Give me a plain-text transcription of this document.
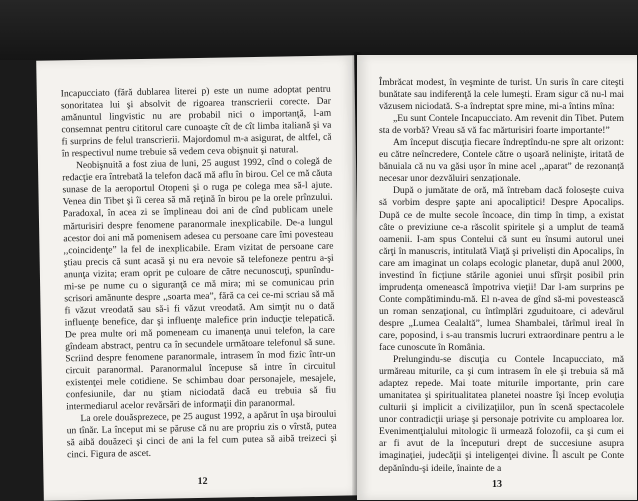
Incapucciato (fără dublarea literei p) este un nume adoptat pentru sonoritatea lui şi absolvit de rigoarea transcrierii corecte. Dar amănuntul lingvistic nu are probabil nici o importanţă, l-am consemnat pentru cititorul care cunoaşte cît de cît limba italiană şi va fi surprins de felul transcrierii. Majordomul m-a asigurat, de altfel, că în respectivul nume trebuie să vedem ceva obişnuit şi natural.

Neobişnuită a fost ziua de luni, 25 august 1992, cînd o colegă de redacţie era întrebată la telefon dacă mă aflu în birou. Cel ce mă căuta sunase de la aeroportul Otopeni şi o ruga pe colega mea să-l ajute. Venea din Tibet şi îi cerea să mă reţină în birou pe la orele prînzului. Paradoxal, în acea zi se împlineau doi ani de cînd publicam unele mărturisiri despre fenomene paranormale inexplicabile. De-a lungul acestor doi ani mă pomenisem adesea cu persoane care îmi povesteau ,,coincidenţe” la fel de inexplicabile. Eram vizitat de persoane care ştiau precis că sunt acasă şi nu era nevoie să telefoneze pentru a-şi anunţa vizita; eram oprit pe culoare de către necunoscuţi, spunîndu-mi-se pe nume cu o siguranţă ce mă mira; mi se comunicau prin scrisori amănunte despre ,,soarta mea”, fără ca cei ce-mi scriau să mă fi văzut vreodată sau să-i fi văzut vreodată. Am simţit nu o dată influenţe benefice, dar şi influenţe malefice prin inducţie telepatică. De prea multe ori mă pomeneam cu imanenţa unui telefon, la care gîndeam abstract, pentru ca în secundele următoare telefonul să sune. Scriind despre fenomene paranormale, intrasem în mod fizic într-un circuit paranormal. Paranormalul începuse să intre în circuitul existenţei mele cotidiene. Se schimbau doar personajele, mesajele, confesiunile, dar nu ştiam niciodată dacă eu trebuia să fiu intermediarul acelor revărsări de informaţii din paranormal.

La orele douăsprezece, pe 25 august 1992, a apărut în uşa biroului un tînăr. La început mi se păruse că nu are propriu zis o vîrstă, putea să aibă douăzeci şi cinci de ani la fel cum putea să aibă treizeci şi cinci. Figura de ascet.

12

Îmbrăcat modest, în veşminte de turist. Un suris în care citeşti bunătate sau indiferenţă la cele lumeşti. Eram sigur că nu-l mai văzusem niciodată. S-a îndreptat spre mine, mi-a întins mîna:

„Eu sunt Contele Incapucciato. Am revenit din Tibet. Putem sta de vorbă? Vreau să vă fac mărturisiri foarte importante!”

Am început discuţia fiecare îndreptîndu-ne spre alt orizont: eu către neîncredere, Contele către o uşoară nelinişte, iritată de bănuiala că nu va găsi ușor în mine acel ,,aparat” de rezonanță necesar unor dezvăluiri senzaționale.

După o jumătate de oră, mă întrebam dacă foloseşte cuiva să vorbim despre şapte ani apocaliptici! Despre Apocalips. După ce de multe secole încoace, din timp în timp, a existat câte o previziune ce-a răscolit spiritele şi a umplut de teamă oamenii. I-am spus Contelui că sunt eu însumi autorul unei cărţi în manuscris, intitulată Viaţă şi priveliști din Apocalips, în care am imaginat un colaps ecologic planetar, după anul 2000, investind în ficțiune stările agoniei unui sfîrşit posibil prin imprudența omenească împotriva vieţii! Dar l-am surprins pe Conte compătimindu-mă. El n-avea de gînd să-mi povestească un roman senzaţional, cu întîmplări zguduitoare, ci adevărul despre „Lumea Cealaltă”, lumea Shambalei, tărîmul ireal în care, poposind, i s-au transmis lucruri extraordinare pentru a le face cunoscute în România.

Prelungindu-se discuţia cu Contele Incapucciato, mă urmăreau miturile, ca şi cum intrasem în ele şi trebuia să mă adaptez repede. Mai toate miturile importante, prin care umanitatea şi spiritualitatea planetei noastre îşi încep evoluţia culturii şi implicit a civilizaţiilor, pun în scenă spectacolele unor contradicţii uriaşe şi personaje potrivite cu amploarea lor. Evenimentţialului mitologic îi urmează folozofii, ca şi cum ei ar fi avut de la începuturi drept de succesiune asupra imaginaţiei, judecăţii şi inteligenţei divine. Îl ascult pe Conte depănîndu-şi ideile, înainte de a

13
